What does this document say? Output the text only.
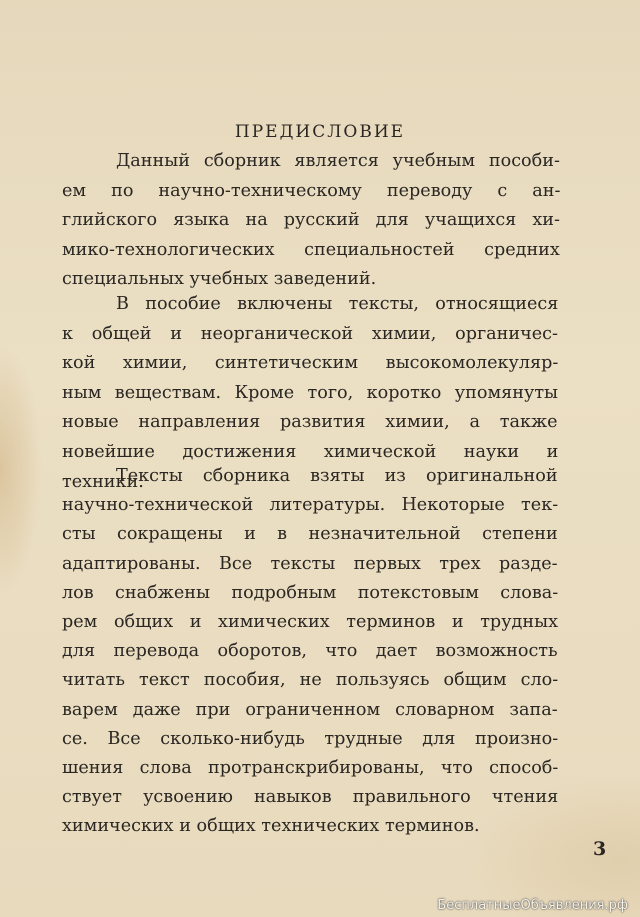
ПРЕДИСЛОВИЕ
Данный сборник является учебным пособи-
ем по научно-техническому переводу с ан-
глийского языка на русский для учащихся хи-
мико-технологических специальностей средних
специальных учебных заведений.
В пособие включены тексты, относящиеся
к общей и неорганической химии, органичес-
кой химии, синтетическим высокомолекуляр-
ным веществам. Кроме того, коротко упомянуты
новые направления развития химии, а также
новейшие достижения химической науки и
техники.
Тексты сборника взяты из оригинальной
научно-технической литературы. Некоторые тек-
сты сокращены и в незначительной степени
адаптированы. Все тексты первых трех разде-
лов снабжены подробным потекстовым слова-
рем общих и химических терминов и трудных
для перевода оборотов, что дает возможность
читать текст пособия, не пользуясь общим сло-
варем даже при ограниченном словарном запа-
се. Все сколько-нибудь трудные для произно-
шения слова протранскрибированы, что способ-
ствует усвоению навыков правильного чтения
химических и общих технических терминов.
3
БесплатныеОбъявления.рф
